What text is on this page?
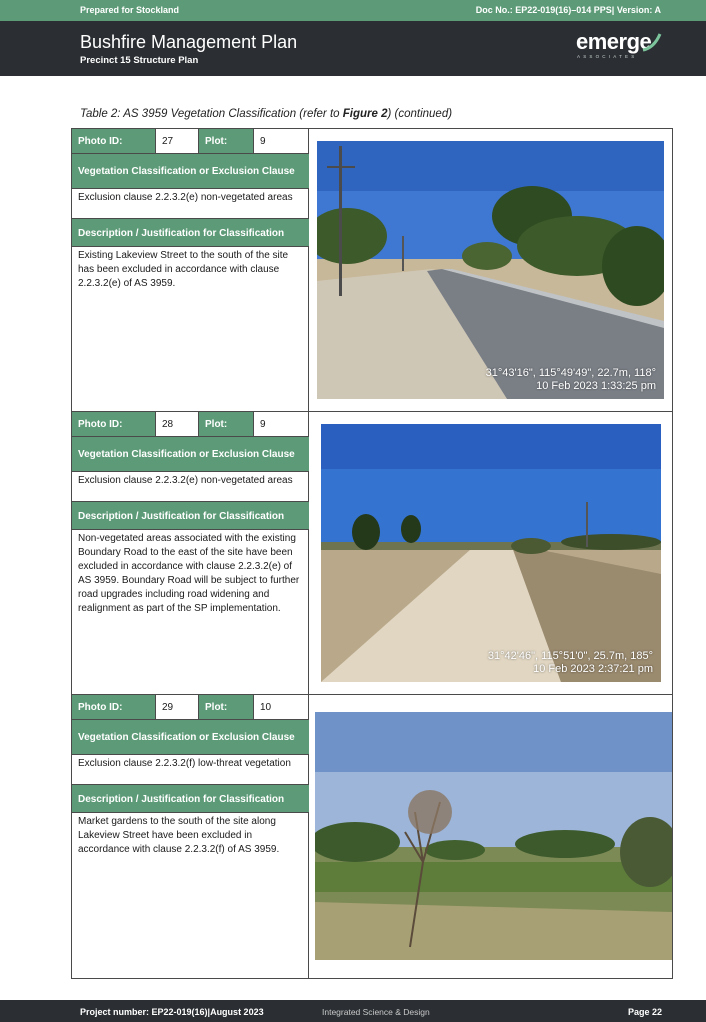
Prepared for Stockland	Doc No.: EP22-019(16)–014 PPS| Version: A
Bushfire Management Plan
Precinct 15 Structure Plan
emerge
ASSOCIATES
Table 2: AS 3959 Vegetation Classification (refer to Figure 2) (continued)
Photo ID:	27	Plot:	9
Vegetation Classification or Exclusion Clause
Exclusion clause 2.2.3.2(e) non-vegetated areas
Description / Justification for Classification
Existing Lakeview Street to the south of the site has been excluded in accordance with clause 2.2.3.2(e) of AS 3959.
31°43'16", 115°49'49", 22.7m, 118°
10 Feb 2023 1:33:25 pm
Photo ID:	28	Plot:	9
Vegetation Classification or Exclusion Clause
Exclusion clause 2.2.3.2(e) non-vegetated areas
Description / Justification for Classification
Non-vegetated areas associated with the existing Boundary Road to the east of the site have been excluded in accordance with clause 2.2.3.2(e) of AS 3959. Boundary Road will be subject to further road upgrades including road widening and realignment as part of the SP implementation.
31°42'46", 115°51'0", 25.7m, 185°
10 Feb 2023 2:37:21 pm
Photo ID:	29	Plot:	10
Vegetation Classification or Exclusion Clause
Exclusion clause 2.2.3.2(f) low-threat vegetation
Description / Justification for Classification
Market gardens to the south of the site along Lakeview Street have been excluded in accordance with clause 2.2.3.2(f) of AS 3959.
Project number: EP22-019(16)|August 2023	Integrated Science & Design	Page 22
